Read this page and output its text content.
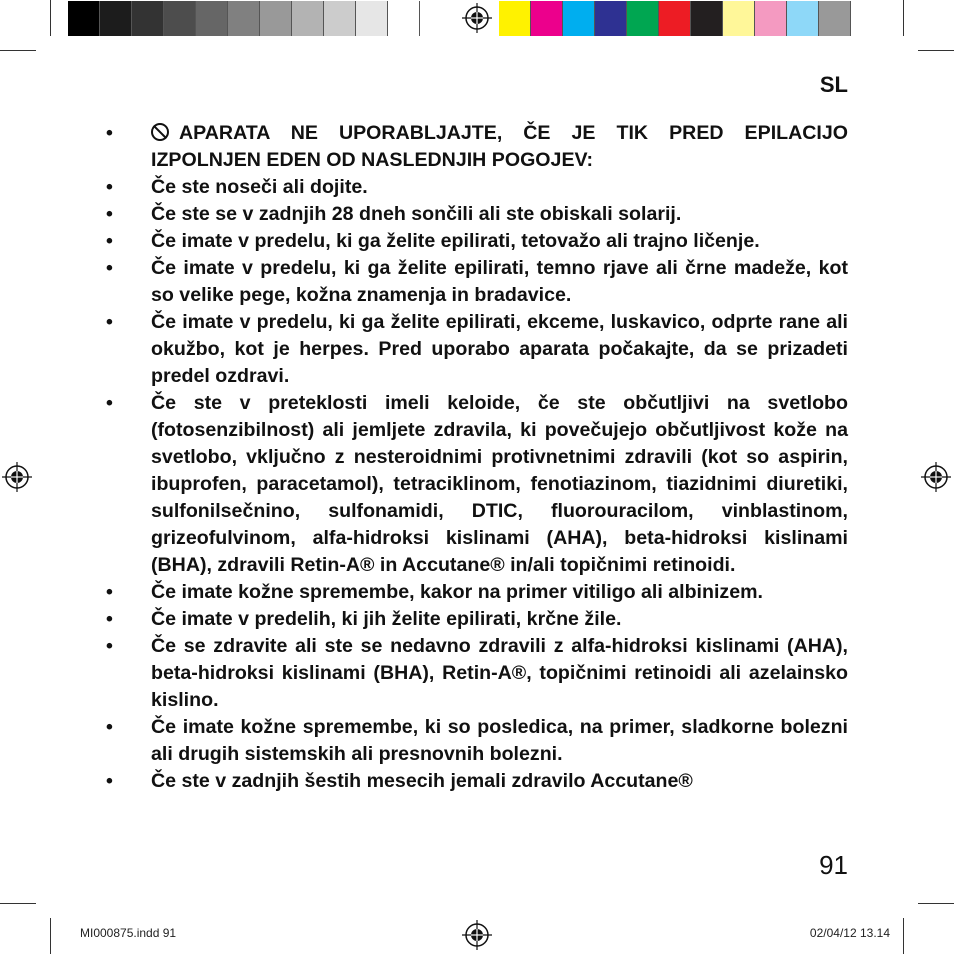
SL
•	APARATA NE UPORABLJAJTE, ČE JE TIK PRED EPILACIJO IZPOLNJEN EDEN OD NASLEDNJIH POGOJEV:
• Če ste noseči ali dojite.
• Če ste se v zadnjih 28 dneh sončili ali ste obiskali solarij.
• Če imate v predelu, ki ga želite epilirati, tetovažo ali trajno ličenje.
• Če imate v predelu, ki ga želite epilirati, temno rjave ali črne madeže, kot so velike pege, kožna znamenja in bradavice.
• Če imate v predelu, ki ga želite epilirati, ekceme, luskavico, odprte rane ali okužbo, kot je herpes. Pred uporabo aparata počakajte, da se prizadeti predel ozdravi.
• Če ste v preteklosti imeli keloide, če ste občutljivi na svetlobo (fotosenzibilnost) ali jemljete zdravila, ki povečujejo občutljivost kože na svetlobo, vključno z nesteroidnimi protivnetnimi zdravili (kot so aspirin, ibuprofen, paracetamol), tetraciklinom, fenotiazinom, tiazidnimi diuretiki, sulfonilsečnino, sulfonamidi, DTIC, fluorouracilom, vinblastinom, grizeofulvinom, alfa-hidroksi kislinami (AHA), beta-hidroksi kislinami (BHA), zdravili Retin-A® in Accutane® in/ali topičnimi retinoidi.
• Če imate kožne spremembe, kakor na primer vitiligo ali albinizem.
• Če imate v predelih, ki jih želite epilirati, krčne žile.
• Če se zdravite ali ste se nedavno zdravili z alfa-hidroksi kislinami (AHA), beta-hidroksi kislinami (BHA), Retin-A®, topičnimi retinoidi ali azelainsko kislino.
• Če imate kožne spremembe, ki so posledica, na primer, sladkorne bolezni ali drugih sistemskih ali presnovnih bolezni.
• Če ste v zadnjih šestih mesecih jemali zdravilo Accutane®
91
MI000875.indd 91	02/04/12 13.14
